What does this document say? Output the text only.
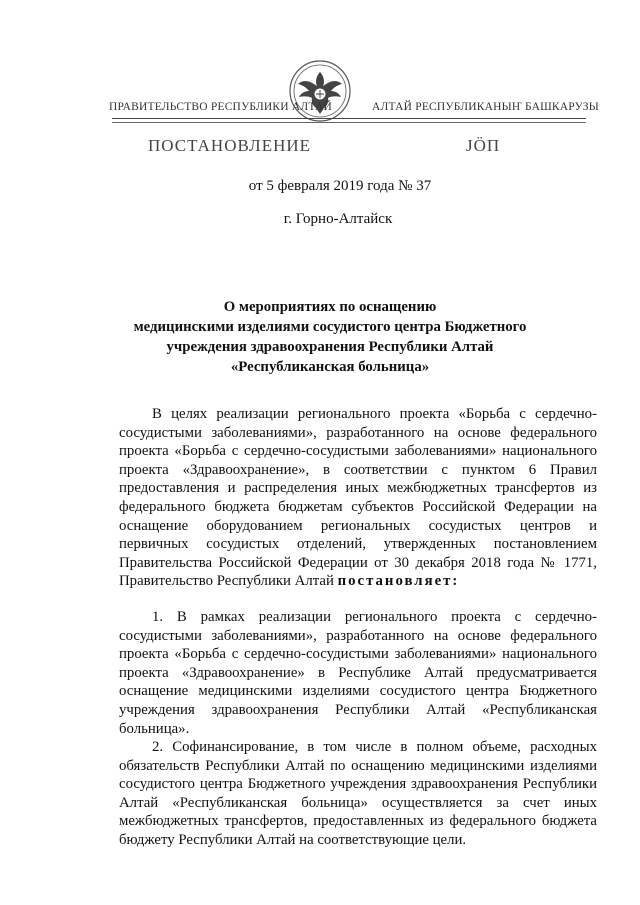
ПРАВИТЕЛЬСТВО РЕСПУБЛИКИ АЛТАЙ	АЛТАЙ РЕСПУБЛИКАНЫҤ БАШКАРУЗЫ
ПОСТАНОВЛЕНИЕ	ЈӦП
от 5 февраля 2019 года № 37
г. Горно-Алтайск
О мероприятиях по оснащению
медицинскими изделиями сосудистого центра Бюджетного
учреждения здравоохранения Республики Алтай
«Республиканская больница»

В целях реализации регионального проекта «Борьба с сердечно-сосудистыми заболеваниями», разработанного на основе федерального проекта «Борьба с сердечно-сосудистыми заболеваниями» национального проекта «Здравоохранение», в соответствии с пунктом 6 Правил предоставления и распределения иных межбюджетных трансфертов из федерального бюджета бюджетам субъектов Российской Федерации на оснащение оборудованием региональных сосудистых центров и первичных сосудистых отделений, утвержденных постановлением Правительства Российской Федерации от 30 декабря 2018 года № 1771, Правительство Республики Алтай постановляет:

1. В рамках реализации регионального проекта с сердечно-сосудистыми заболеваниями», разработанного на основе федерального проекта «Борьба с сердечно-сосудистыми заболеваниями» национального проекта «Здравоохранение» в Республике Алтай предусматривается оснащение медицинскими изделиями сосудистого центра Бюджетного учреждения здравоохранения Республики Алтай «Республиканская больница».

2. Софинансирование, в том числе в полном объеме, расходных обязательств Республики Алтай по оснащению медицинскими изделиями сосудистого центра Бюджетного учреждения здравоохранения Республики Алтай «Республиканская больница» осуществляется за счет иных межбюджетных трансфертов, предоставленных из федерального бюджета бюджету Республики Алтай на соответствующие цели.
